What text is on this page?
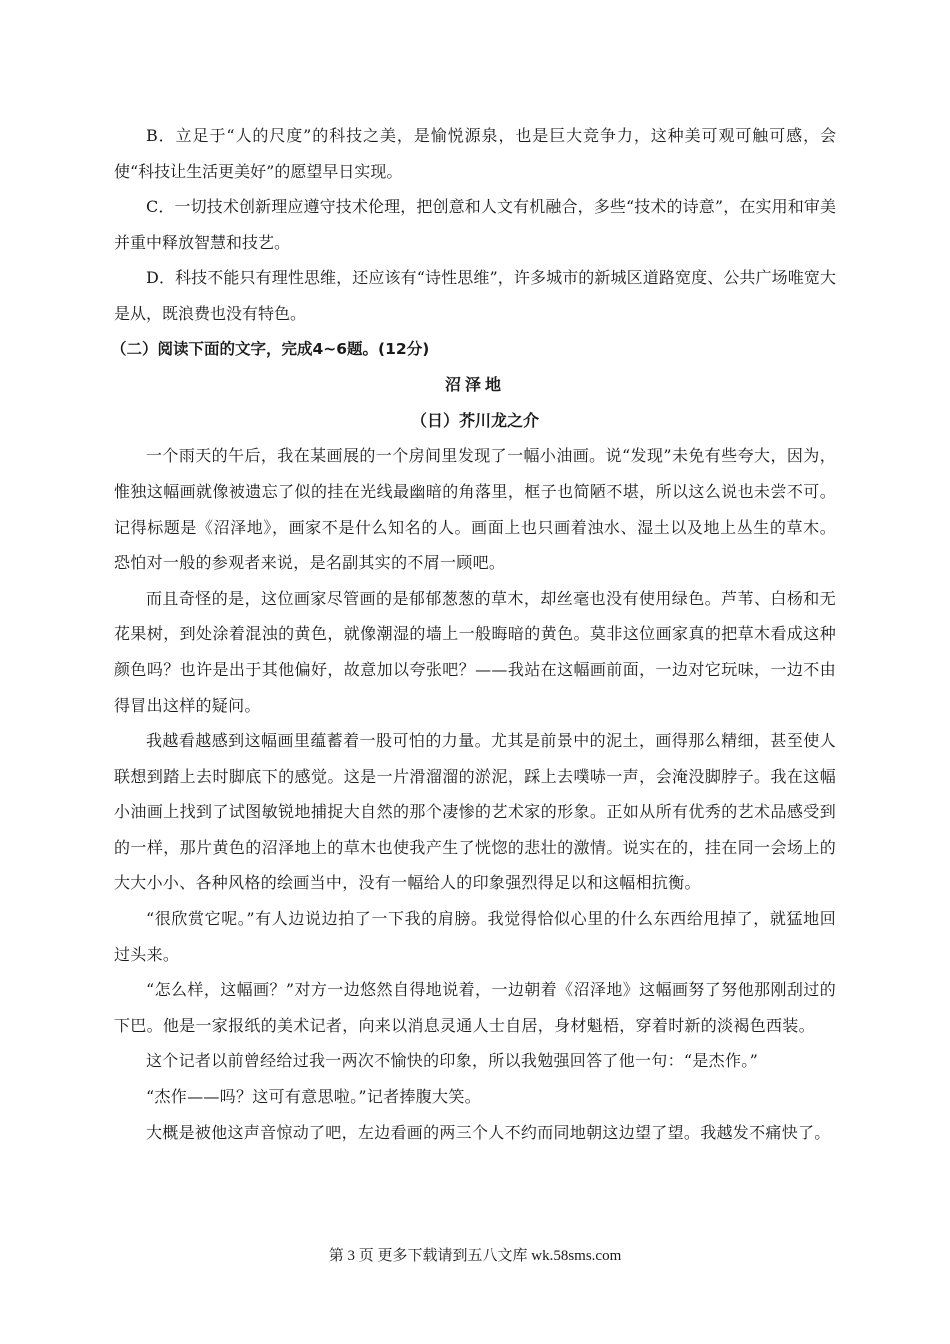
B．立足于“人的尺度”的科技之美，是愉悦源泉，也是巨大竞争力，这种美可观可触可感，会使“科技让生活更美好”的愿望早日实现。

C．一切技术创新理应遵守技术伦理，把创意和人文有机融合，多些“技术的诗意”，在实用和审美并重中释放智慧和技艺。

D．科技不能只有理性思维，还应该有“诗性思维”，许多城市的新城区道路宽度、公共广场唯宽大是从，既浪费也没有特色。

（二）阅读下面的文字，完成4~6题。(12分)

沼泽地

（日）芥川龙之介

一个雨天的午后，我在某画展的一个房间里发现了一幅小油画。说“发现”未免有些夸大，因为，惟独这幅画就像被遗忘了似的挂在光线最幽暗的角落里，框子也简陋不堪，所以这么说也未尝不可。记得标题是《沼泽地》，画家不是什么知名的人。画面上也只画着浊水、湿土以及地上丛生的草木。恐怕对一般的参观者来说，是名副其实的不屑一顾吧。

而且奇怪的是，这位画家尽管画的是郁郁葱葱的草木，却丝毫也没有使用绿色。芦苇、白杨和无花果树，到处涂着混浊的黄色，就像潮湿的墙上一般晦暗的黄色。莫非这位画家真的把草木看成这种颜色吗？也许是出于其他偏好，故意加以夸张吧？——我站在这幅画前面，一边对它玩味，一边不由得冒出这样的疑问。

我越看越感到这幅画里蕴蓄着一股可怕的力量。尤其是前景中的泥土，画得那么精细，甚至使人联想到踏上去时脚底下的感觉。这是一片滑溜溜的淤泥，踩上去噗哧一声，会淹没脚脖子。我在这幅小油画上找到了试图敏锐地捕捉大自然的那个凄惨的艺术家的形象。正如从所有优秀的艺术品感受到的一样，那片黄色的沼泽地上的草木也使我产生了恍惚的悲壮的激情。说实在的，挂在同一会场上的大大小小、各种风格的绘画当中，没有一幅给人的印象强烈得足以和这幅相抗衡。

“很欣赏它呢。”有人边说边拍了一下我的肩膀。我觉得恰似心里的什么东西给甩掉了，就猛地回过头来。

“怎么样，这幅画？”对方一边悠然自得地说着，一边朝着《沼泽地》这幅画努了努他那刚刮过的下巴。他是一家报纸的美术记者，向来以消息灵通人士自居，身材魁梧，穿着时新的淡褐色西装。

这个记者以前曾经给过我一两次不愉快的印象，所以我勉强回答了他一句：“是杰作。”

“杰作——吗？这可有意思啦。”记者捧腹大笑。

大概是被他这声音惊动了吧，左边看画的两三个人不约而同地朝这边望了望。我越发不痛快了。

第 3 页 更多下载请到五八文库 wk.58sms.com
